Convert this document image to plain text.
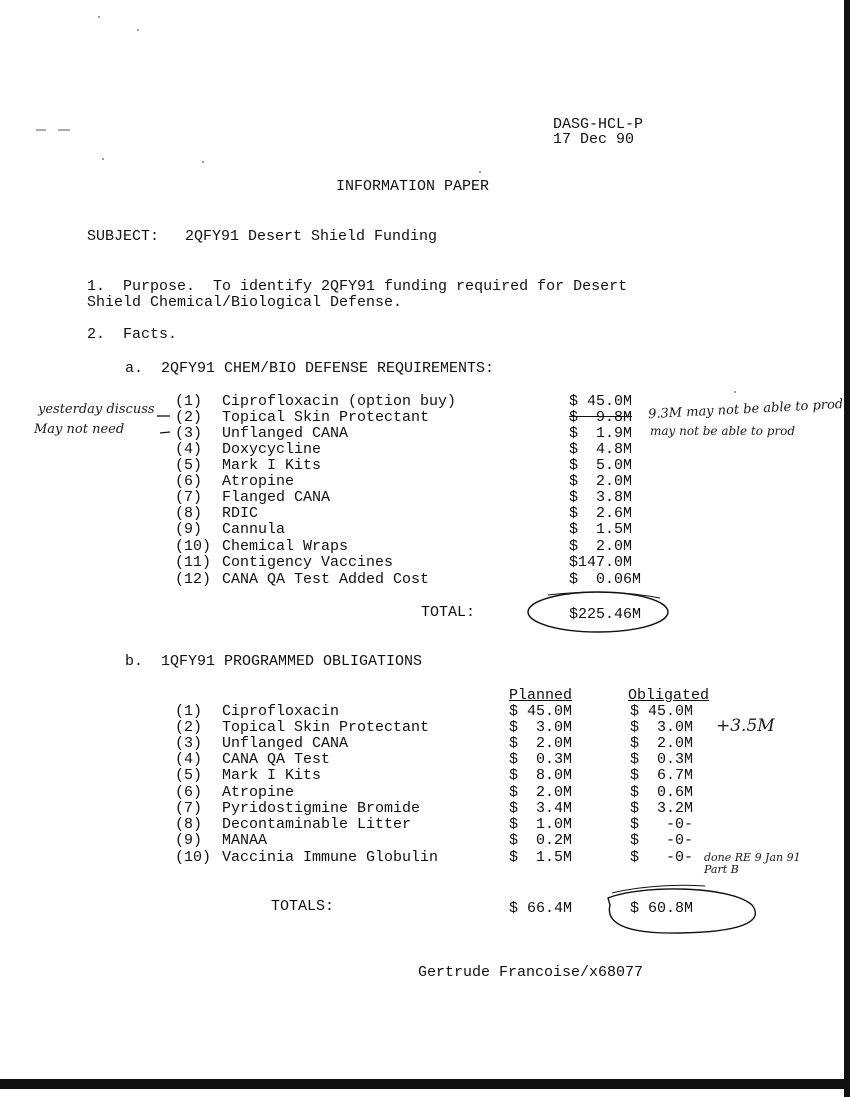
DASG-HCL-P
17 Dec 90
INFORMATION PAPER
SUBJECT: 2QFY91 Desert Shield Funding
1.  Purpose.  To identify 2QFY91 funding required for Desert
Shield Chemical/Biological Defense.
2.  Facts.
a.  2QFY91 CHEM/BIO DEFENSE REQUIREMENTS:
(1)	Ciprofloxacin (option buy)	$ 45.0M
(2)	Topical Skin Protectant	$  9.8M
(3)	Unflanged CANA	$  1.9M
(4)	Doxycycline	$  4.8M
(5)	Mark I Kits	$  5.0M
(6)	Atropine	$  2.0M
(7)	Flanged CANA	$  3.8M
(8)	RDIC	$  2.6M
(9)	Cannula	$  1.5M
(10) Chemical Wraps	$  2.0M
(11) Contigency Vaccines	$147.0M
(12) CANA QA Test Added Cost	$  0.06M
TOTAL:	$225.46M
b.  1QFY91 PROGRAMMED OBLIGATIONS
Planned	Obligated
(1)	Ciprofloxacin	$ 45.0M	$ 45.0M
(2)	Topical Skin Protectant	$  3.0M	$  3.0M
(3)	Unflanged CANA	$  2.0M	$  2.0M
(4)	CANA QA Test	$  0.3M	$  0.3M
(5)	Mark I Kits	$  8.0M	$  6.7M
(6)	Atropine	$  2.0M	$  0.6M
(7)	Pyridostigmine Bromide	$  3.4M	$  3.2M
(8)	Decontaminable Litter	$  1.0M	$   -0-
(9)	MANAA	$  0.2M	$   -0-
(10) Vaccinia Immune Globulin	$  1.5M	$   -0-
TOTALS:	$ 66.4M	$ 60.8M
Gertrude Francoise/x68077
yesterday discuss
May not need
9.3M may not be able to prod.
may not be able to prod
+3.5M
done RE 9 Jan 91 Part B
